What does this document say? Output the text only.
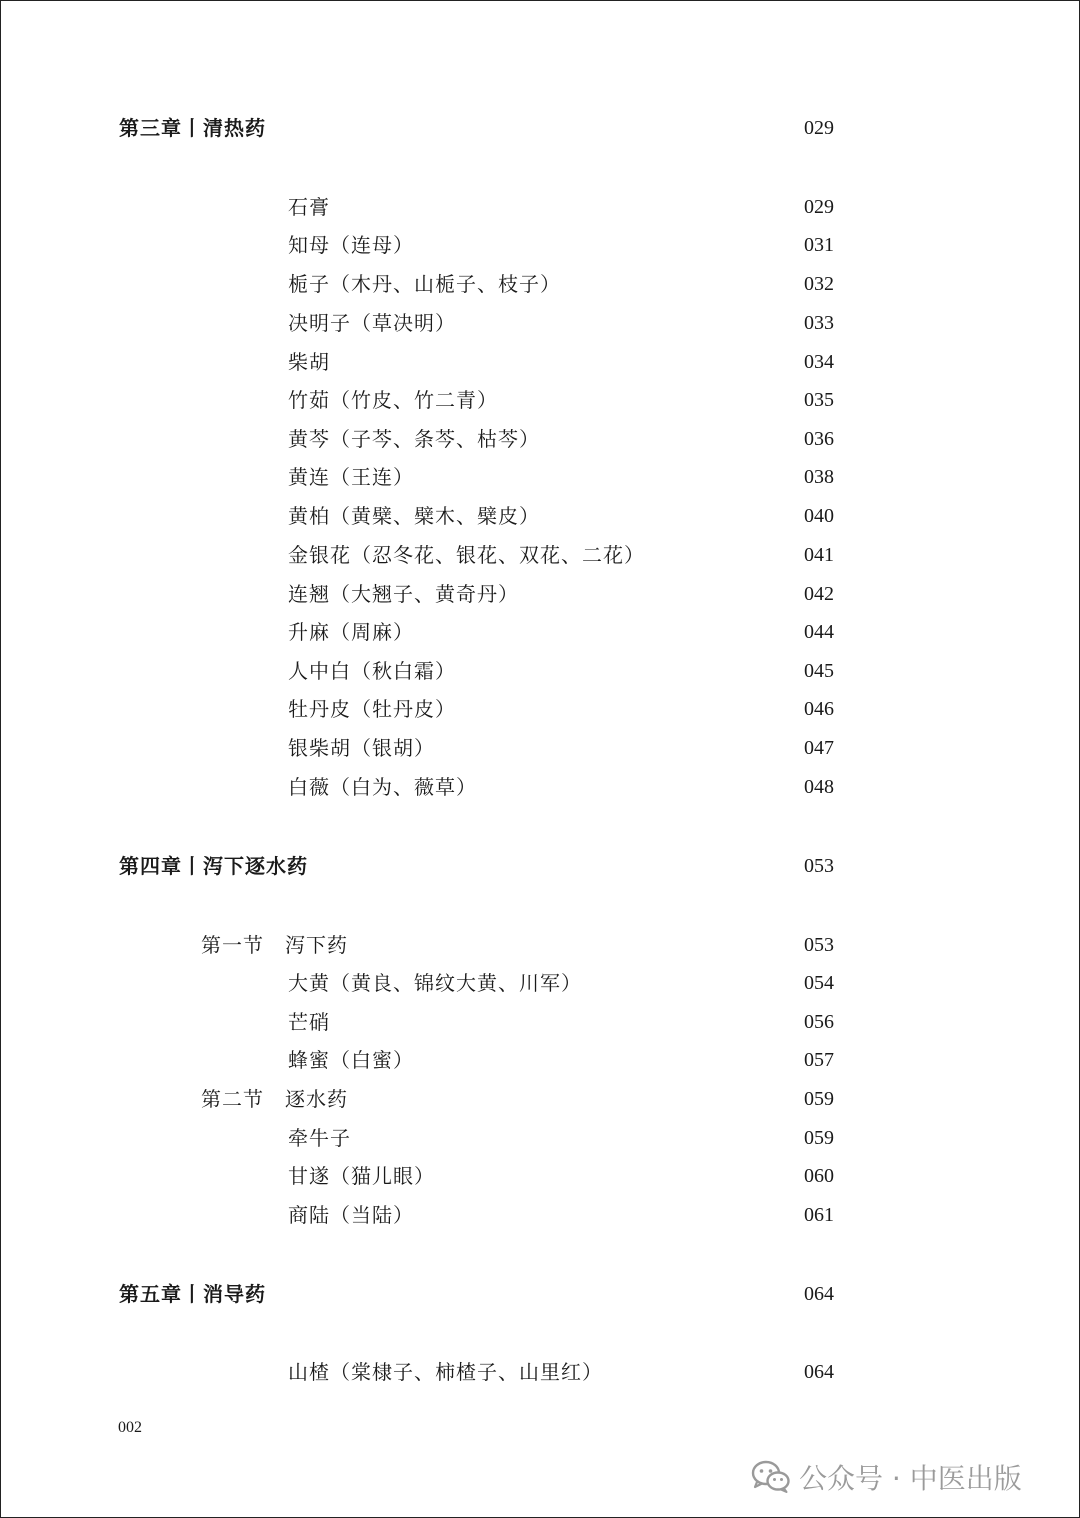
第三章丨清热药	029
石膏	029
知母（连母）	031
栀子（木丹、山栀子、枝子）	032
决明子（草决明）	033
柴胡	034
竹茹（竹皮、竹二青）	035
黄芩（子芩、条芩、枯芩）	036
黄连（王连）	038
黄柏（黄檗、檗木、檗皮）	040
金银花（忍冬花、银花、双花、二花）	041
连翘（大翘子、黄奇丹）	042
升麻（周麻）	044
人中白（秋白霜）	045
牡丹皮（牡丹皮）	046
银柴胡（银胡）	047
白薇（白为、薇草）	048
第四章丨泻下逐水药	053
第一节 泻下药	053
大黄（黄良、锦纹大黄、川军）	054
芒硝	056
蜂蜜（白蜜）	057
第二节 逐水药	059
牵牛子	059
甘遂（猫儿眼）	060
商陆（当陆）	061
第五章丨消导药	064
山楂（棠棣子、柿楂子、山里红）	064
002
公众号 · 中医出版
